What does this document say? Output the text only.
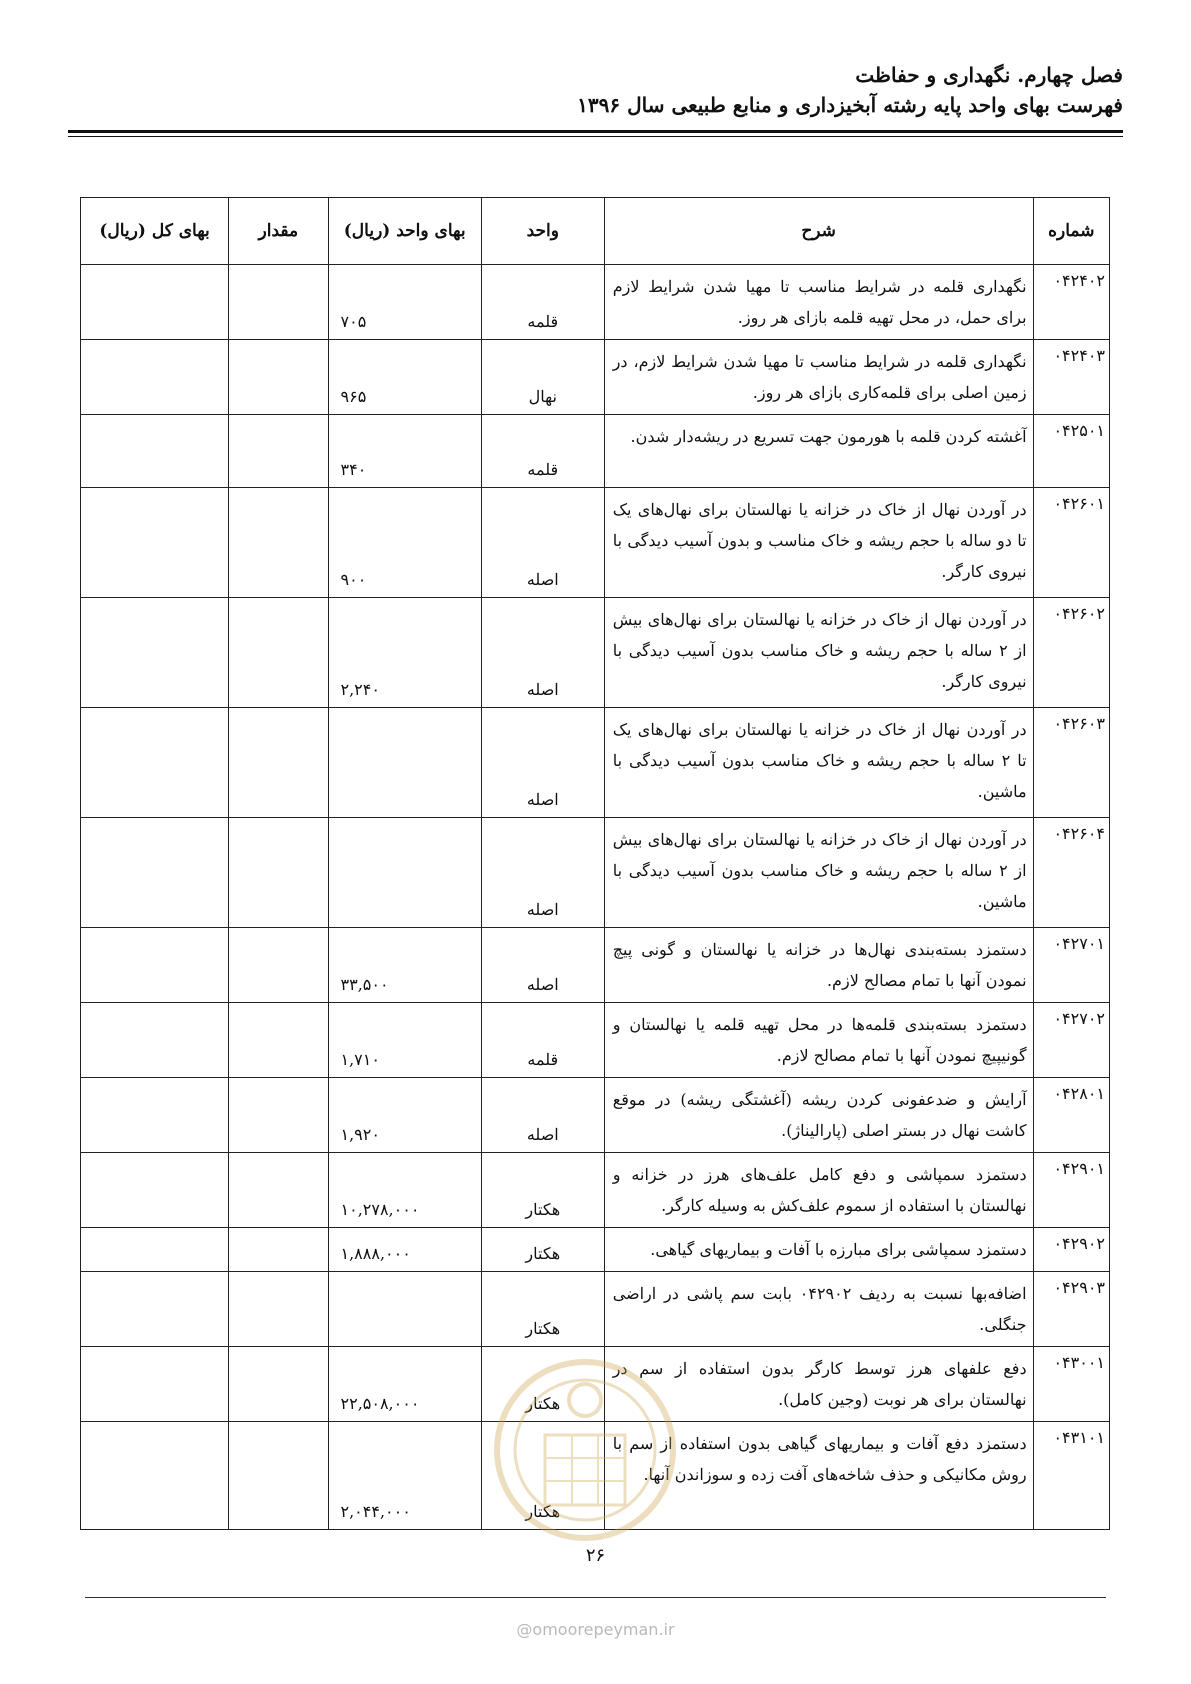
فصل چهارم. نگهداری و حفاظت
فهرست بهای واحد پایه رشته آبخیزداری و منابع طبیعی سال ۱۳۹۶
شماره	شرح	واحد	بهای واحد (ریال)	مقدار	بهای کل (ریال)
۰۴۲۴۰۲	نگهداری قلمه در شرایط مناسب تا مهیا شدن شرایط لازم برای حمل، در محل تهیه قلمه بازای هر روز.	قلمه	۷۰۵		
۰۴۲۴۰۳	نگهداری قلمه در شرایط مناسب تا مهیا شدن شرایط لازم، در زمین اصلی برای قلمه‌کاری بازای هر روز.	نهال	۹۶۵		
۰۴۲۵۰۱	آغشته کردن قلمه با هورمون جهت تسریع در ریشه‌دار شدن.	قلمه	۳۴۰		
۰۴۲۶۰۱	در آوردن نهال از خاک در خزانه یا نهالستان برای نهال‌های یک تا دو ساله با حجم ریشه و خاک مناسب و بدون آسیب دیدگی با نیروی کارگر.	اصله	۹۰۰		
۰۴۲۶۰۲	در آوردن نهال از خاک در خزانه یا نهالستان برای نهال‌های بیش از ۲ ساله با حجم ریشه و خاک مناسب بدون آسیب دیدگی با نیروی کارگر.	اصله	۲,۲۴۰		
۰۴۲۶۰۳	در آوردن نهال از خاک در خزانه یا نهالستان برای نهال‌های یک تا ۲ ساله با حجم ریشه و خاک مناسب بدون آسیب دیدگی با ماشین.	اصله			
۰۴۲۶۰۴	در آوردن نهال از خاک در خزانه یا نهالستان برای نهال‌های بیش از ۲ ساله با حجم ریشه و خاک مناسب بدون آسیب دیدگی با ماشین.	اصله			
۰۴۲۷۰۱	دستمزد بسته‌بندی نهال‌ها در خزانه یا نهالستان و گونی پیچ نمودن آنها با تمام مصالح لازم.	اصله	۳۳,۵۰۰		
۰۴۲۷۰۲	دستمزد بسته‌بندی قلمه‌ها در محل تهیه قلمه یا نهالستان و گونیپیچ نمودن آنها با تمام مصالح لازم.	قلمه	۱,۷۱۰		
۰۴۲۸۰۱	آرایش و ضدعفونی کردن ریشه (آغشتگی ریشه) در موقع کاشت نهال در بستر اصلی (پارالیناژ).	اصله	۱,۹۲۰		
۰۴۲۹۰۱	دستمزد سمپاشی و دفع کامل علف‌های هرز در خزانه و نهالستان با استفاده از سموم علف‌کش به وسیله کارگر.	هکتار	۱۰,۲۷۸,۰۰۰		
۰۴۲۹۰۲	دستمزد سمپاشی برای مبارزه با آفات و بیماریهای گیاهی.	هکتار	۱,۸۸۸,۰۰۰		
۰۴۲۹۰۳	اضافه‌بها نسبت به ردیف ۰۴۲۹۰۲ بابت سم پاشی در اراضی جنگلی.	هکتار			
۰۴۳۰۰۱	دفع علفهای هرز توسط کارگر بدون استفاده از سم در نهالستان برای هر نوبت (وجین کامل).	هکتار	۲۲,۵۰۸,۰۰۰		
۰۴۳۱۰۱	دستمزد دفع آفات و بیماریهای گیاهی بدون استفاده از سم با روش مکانیکی و حذف شاخه‌های آفت زده و سوزاندن آنها.	هکتار	۲,۰۴۴,۰۰۰		
۲۶
@omoorepeyman.ir
